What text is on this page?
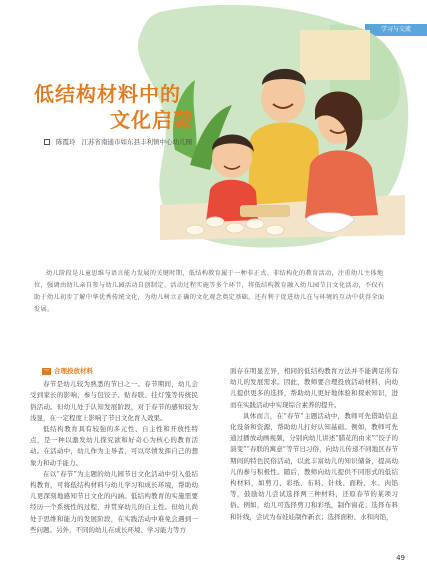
学习与交流
低结构材料中的
文化启蒙
陈霞玲 江苏省南通市如东县丰利镇中心幼儿园
幼儿阶段是儿童思维与语言能力发展的关键时期，低结构教育属于一种非正式、非结构化的教育活动，注重幼儿主体地位，强调由幼儿亲自参与幼儿园活动自创制定、活动过程实施等多个环节，将低结构教育融入幼儿园节日文化活动，不仅有助于幼儿初步了解中华优秀传统文化，为幼儿树立正确的文化观念奠定基础，还有利于促进幼儿在与环境的互动中获得全面发展。
一 合理投放材料

春节是幼儿较为熟悉的节日之一。春节期间，幼儿会受到家长的影响，参与包饺子、贴春联、挂灯笼等传统民俗活动。但幼儿处于认知发展阶段，对于春节的感知较为浅显，在一定程度上影响了节日文化育人效果。

低结构教育具有较强的多元性、自主性和开放性特点，是一种以激发幼儿探究欲和好奇心为核心的教育活动。在活动中，幼儿作为主导者，可以尽情发挥自己的想象力和动手能力。

在以“春节”为主题的幼儿园节日文化活动中引入低结构教育，可将低结构材料与幼儿学习和成长环境，帮助幼儿更深刻地感知节日文化的内涵。低结构教育的实施需要经历一个系统性的过程，并贯穿幼儿的自主性。但幼儿尚处于思维和能力的发展阶段，在实践活动中难免会遇到一些问题。另外，不同的幼儿在成长环境、学习能力等方

面存在明显差异，相同的低结构教育方法并不能满足所有幼儿的发展需求。因此，教师要合理投放活动材料，向幼儿提供更多的选择，帮助幼儿更好地体验和探索知识，进而在实践活动中实现综合素养的提升。

具体而言，在“春节”主题活动中，教师可先借助信息化设备和资源，帮助幼儿打好认知基础。例如，教师可先通过播放动画视频，分别向幼儿讲述“腊花的由来”“饺子的演变”“春联的寓意”等节日习俗，向幼儿传递不同地区春节期间的特色民俗活动，以此丰富幼儿的知识储备，提高幼儿的参与积极性。随后，教师向幼儿提供不同形式的低结构材料，如剪刀、彩纸、布料、针线、面粉、水、肉馅等，鼓励幼儿尝试选择两三种材料，还原春节的某项习俗。例如，幼儿可选择剪刀和彩纸，制作窗花；选择布料和针线，尝试为布娃娃制作新衣；选择面粉、水和肉馅，

49
